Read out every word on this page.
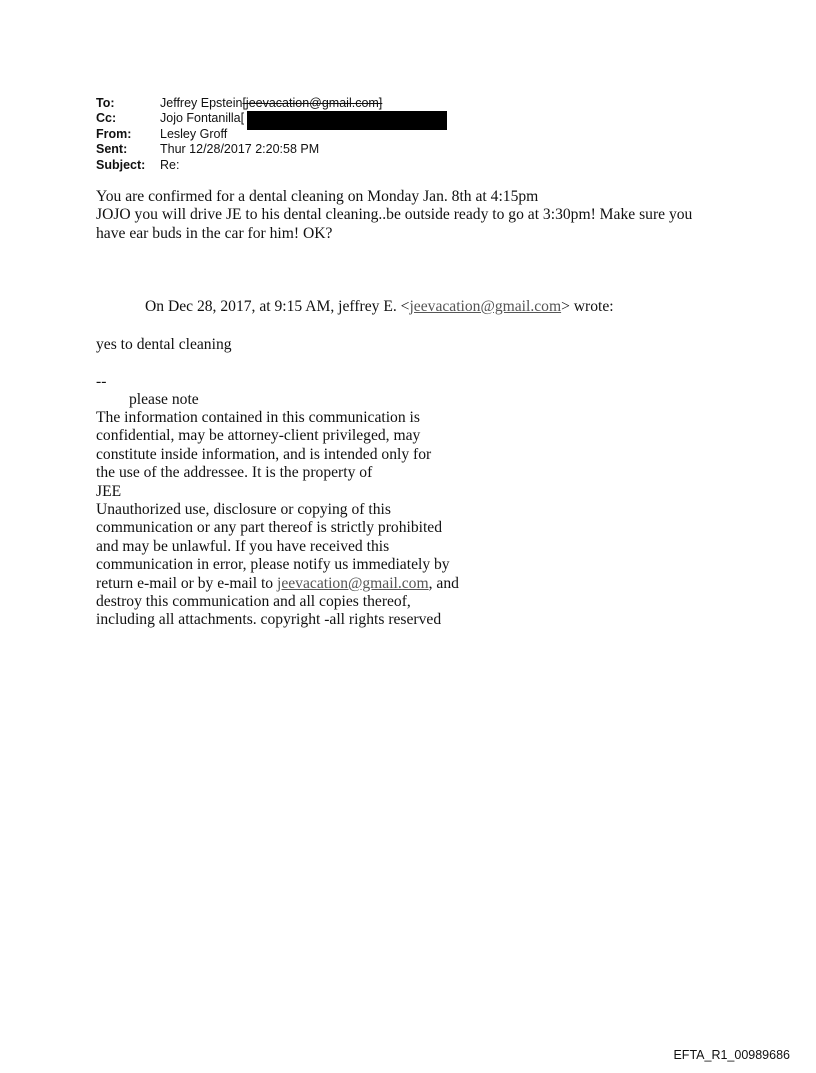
To:	Jeffrey Epstein[jeevacation@gmail.com]
Cc:	Jojo Fontanilla[
From:	Lesley Groff
Sent:	Thur 12/28/2017 2:20:58 PM
Subject:	Re:
You are confirmed for a dental cleaning on Monday Jan. 8th at 4:15pm
JOJO you will drive JE to his dental cleaning..be outside ready to go at 3:30pm! Make sure you
have ear buds in the car for him! OK?
On Dec 28, 2017, at 9:15 AM, jeffrey E. <jeevacation@gmail.com> wrote:
yes to dental cleaning
--
please note
The information contained in this communication is
confidential, may be attorney-client privileged, may
constitute inside information, and is intended only for
the use of the addressee. It is the property of
JEE
Unauthorized use, disclosure or copying of this
communication or any part thereof is strictly prohibited
and may be unlawful. If you have received this
communication in error, please notify us immediately by
return e-mail or by e-mail to jeevacation@gmail.com, and
destroy this communication and all copies thereof,
including all attachments. copyright -all rights reserved
EFTA_R1_00989686
